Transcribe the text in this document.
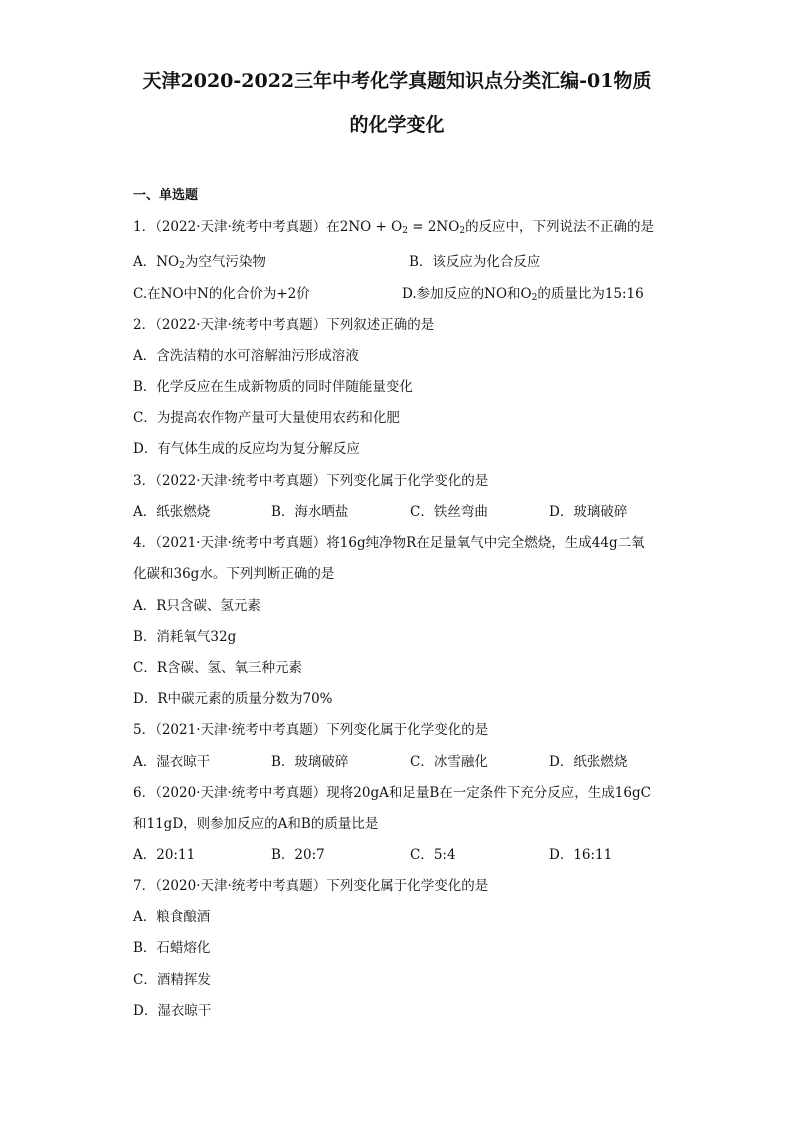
天津2020-2022三年中考化学真题知识点分类汇编-01物质
的化学变化
一、单选题
1．（2022·天津·统考中考真题）在$2NO + O_2 = 2NO_2$的反应中，下列说法不正确的是
A．$NO_2$为空气污染物	B．该反应为化合反应
C.在NO中N的化合价为+2价	D.参加反应的NO和$O_2$的质量比为15:16
2．（2022·天津·统考中考真题）下列叙述正确的是
A．含洗洁精的水可溶解油污形成溶液
B．化学反应在生成新物质的同时伴随能量变化
C．为提高农作物产量可大量使用农药和化肥
D．有气体生成的反应均为复分解反应
3．（2022·天津·统考中考真题）下列变化属于化学变化的是
A．纸张燃烧	B．海水晒盐	C．铁丝弯曲	D．玻璃破碎
4．（2021·天津·统考中考真题）将16g纯净物R在足量氧气中完全燃烧，生成44g二氧
化碳和36g水。下列判断正确的是
A．R只含碳、氢元素
B．消耗氧气32g
C．R含碳、氢、氧三种元素
D．R中碳元素的质量分数为70%
5．（2021·天津·统考中考真题）下列变化属于化学变化的是
A．湿衣晾干	B．玻璃破碎	C．冰雪融化	D．纸张燃烧
6．（2020·天津·统考中考真题）现将20gA和足量B在一定条件下充分反应，生成16gC
和11gD，则参加反应的A和B的质量比是
A．20:11	B．20:7	C．5:4	D．16:11
7．（2020·天津·统考中考真题）下列变化属于化学变化的是
A．粮食酿酒
B．石蜡熔化
C．酒精挥发
D．湿衣晾干
